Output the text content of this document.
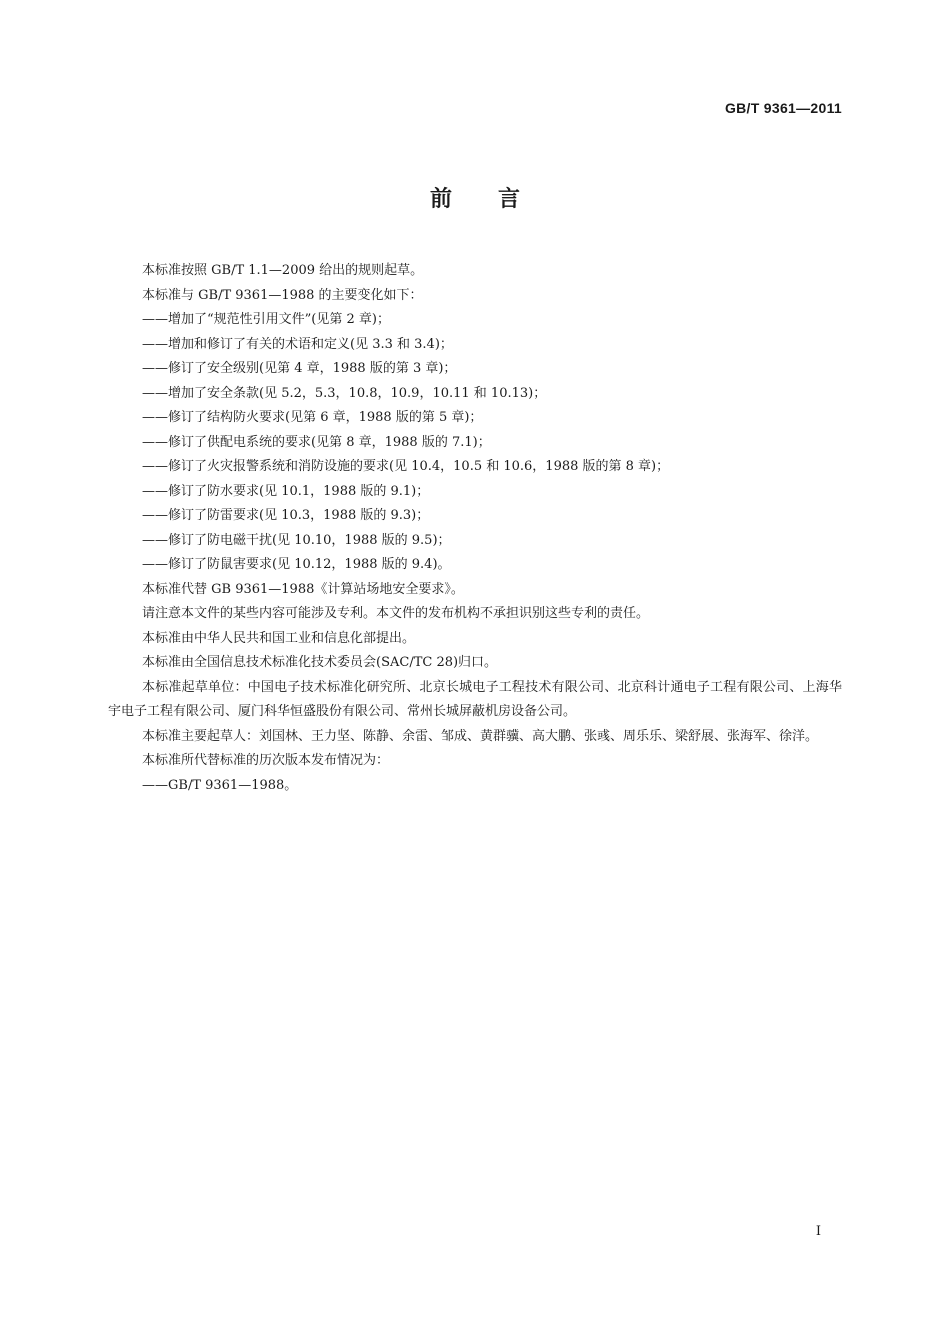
GB/T 9361—2011
前言

本标准按照 GB/T 1.1—2009 给出的规则起草。

本标准与 GB/T 9361—1988 的主要变化如下：

——增加了“规范性引用文件”(见第 2 章)；

——增加和修订了有关的术语和定义(见 3.3 和 3.4)；

——修订了安全级别(见第 4 章，1988 版的第 3 章)；

——增加了安全条款(见 5.2，5.3，10.8，10.9，10.11 和 10.13)；

——修订了结构防火要求(见第 6 章，1988 版的第 5 章)；

——修订了供配电系统的要求(见第 8 章，1988 版的 7.1)；

——修订了火灾报警系统和消防设施的要求(见 10.4，10.5 和 10.6，1988 版的第 8 章)；

——修订了防水要求(见 10.1，1988 版的 9.1)；

——修订了防雷要求(见 10.3，1988 版的 9.3)；

——修订了防电磁干扰(见 10.10，1988 版的 9.5)；

——修订了防鼠害要求(见 10.12，1988 版的 9.4)。

本标准代替 GB 9361—1988《计算站场地安全要求》。

请注意本文件的某些内容可能涉及专利。本文件的发布机构不承担识别这些专利的责任。

本标准由中华人民共和国工业和信息化部提出。

本标准由全国信息技术标准化技术委员会(SAC/TC 28)归口。

本标准起草单位：中国电子技术标准化研究所、北京长城电子工程技术有限公司、北京科计通电子工程有限公司、上海华宇电子工程有限公司、厦门科华恒盛股份有限公司、常州长城屏蔽机房设备公司。

本标准主要起草人：刘国林、王力坚、陈静、余雷、邹成、黄群骥、高大鹏、张彧、周乐乐、梁舒展、张海军、徐洋。

本标准所代替标准的历次版本发布情况为：

——GB/T 9361—1988。

I
